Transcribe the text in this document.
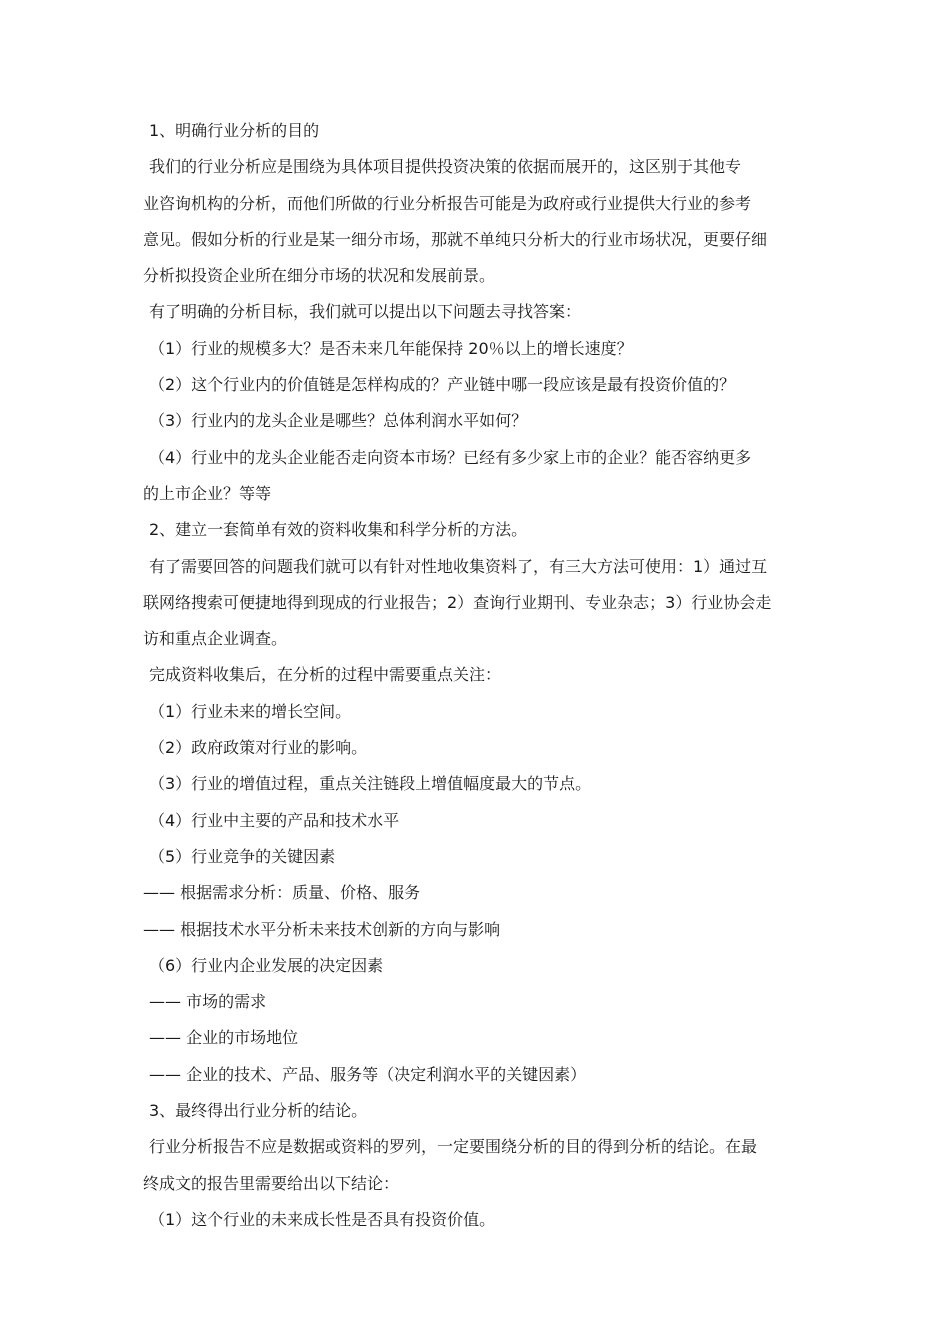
1、明确行业分析的目的
我们的行业分析应是围绕为具体项目提供投资决策的依据而展开的，这区别于其他专
业咨询机构的分析，而他们所做的行业分析报告可能是为政府或行业提供大行业的参考
意见。假如分析的行业是某一细分市场，那就不单纯只分析大的行业市场状况，更要仔细
分析拟投资企业所在细分市场的状况和发展前景。
有了明确的分析目标，我们就可以提出以下问题去寻找答案：
（1）行业的规模多大？是否未来几年能保持 20％以上的增长速度？
（2）这个行业内的价值链是怎样构成的？产业链中哪一段应该是最有投资价值的？
（3）行业内的龙头企业是哪些？总体利润水平如何？
（4）行业中的龙头企业能否走向资本市场？已经有多少家上市的企业？能否容纳更多
的上市企业？等等
2、建立一套简单有效的资料收集和科学分析的方法。
有了需要回答的问题我们就可以有针对性地收集资料了，有三大方法可使用：1）通过互
联网络搜索可便捷地得到现成的行业报告；2）查询行业期刊、专业杂志；3）行业协会走
访和重点企业调查。
完成资料收集后，在分析的过程中需要重点关注：
（1）行业未来的增长空间。
（2）政府政策对行业的影响。
（3）行业的增值过程，重点关注链段上增值幅度最大的节点。
（4）行业中主要的产品和技术水平
（5）行业竞争的关键因素
—— 根据需求分析：质量、价格、服务
—— 根据技术水平分析未来技术创新的方向与影响
（6）行业内企业发展的决定因素
—— 市场的需求
—— 企业的市场地位
—— 企业的技术、产品、服务等（决定利润水平的关键因素）
3、最终得出行业分析的结论。
行业分析报告不应是数据或资料的罗列，一定要围绕分析的目的得到分析的结论。在最
终成文的报告里需要给出以下结论：
（1）这个行业的未来成长性是否具有投资价值。
